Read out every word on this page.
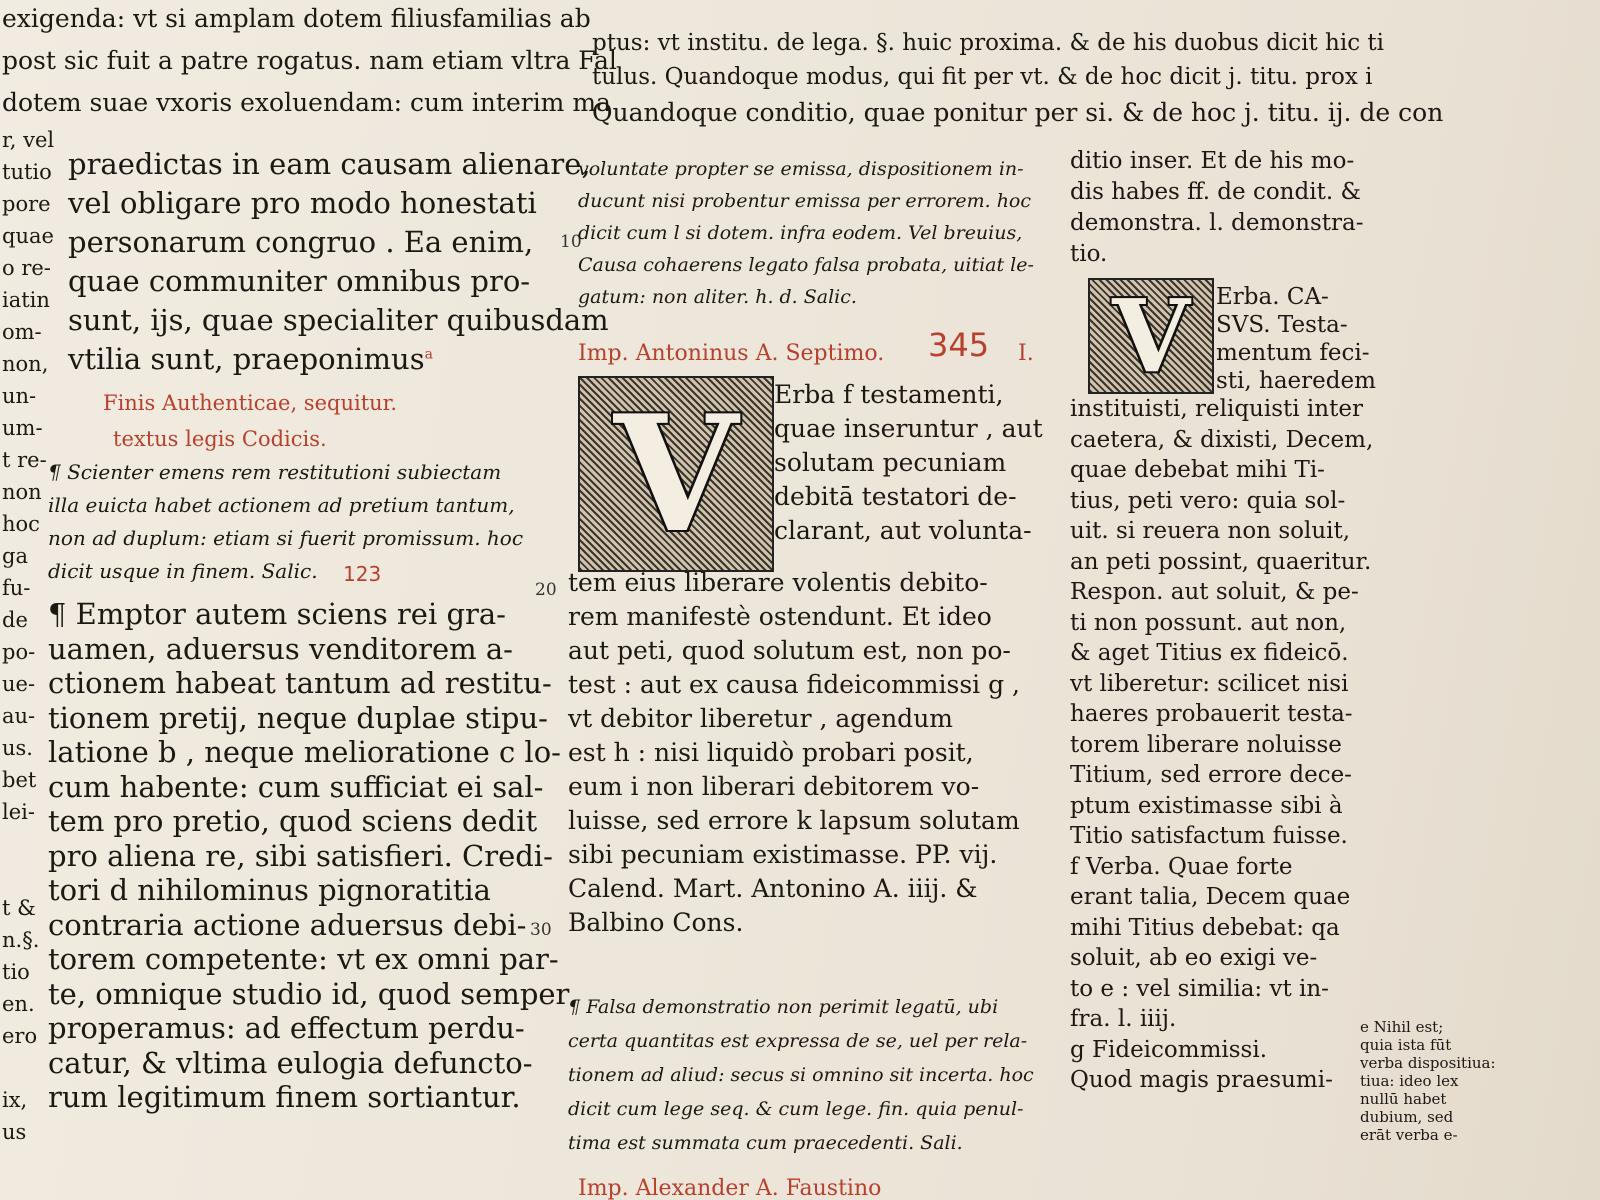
exigenda: vt si amplam dotem filiusfamilias ab
post sic fuit a patre rogatus. nam etiam vltra Fal
dotem suae vxoris exoluendam: cum interim ma
ptus: vt institu. de lega. §. huic proxima. & de his duobus dicit hic ti
tulus. Quandoque modus, qui fit per vt. & de hoc dicit j. titu. prox i
Quandoque conditio, quae ponitur per si. & de hoc j. titu. ij. de con
r, vel
tutio
pore
quae
o re-
iatin
om-
non,
un-
um-
t re-
non
hoc
ga
fu-
de
po-
ue-
au-
us.
bet
lei-
t &
n.§.
tio
en.
ero
ix,
us
praedictas in eam causam alienare,
vel obligare pro modo honestati
personarum congruo . Ea enim,
quae communiter omnibus pro-
sunt, ijs, quae specialiter quibusdam
vtilia sunt, praeponimus$^a$
Finis Authenticae, sequitur.
textus legis Codicis.
¶ Scienter emens rem restitutioni subiectam
illa euicta habet actionem ad pretium tantum,
non ad duplum: etiam si fuerit promissum. hoc
dicit usque in finem. Salic. 123
¶ Emptor autem sciens rei gra-
uamen, aduersus venditorem a-
ctionem habeat tantum ad restitu-
tionem pretij, neque duplae stipu-
latione b , neque melioratione c lo-
cum habente: cum sufficiat ei sal-
tem pro pretio, quod sciens dedit
pro aliena re, sibi satisfieri. Credi-
tori d nihilominus pignoratitia
contraria actione aduersus debi-
torem competente: vt ex omni par-
te, omnique studio id, quod semper
properamus: ad effectum perdu-
catur, & vltima eulogia defuncto-
rum legitimum finem sortiantur.
10
20
30
voluntate propter se emissa, dispositionem in-
ducunt nisi probentur emissa per errorem. hoc
dicit cum l si dotem. infra eodem. Vel breuius,
Causa cohaerens legato falsa probata, uitiat le-
gatum: non aliter. h. d. Salic.
Imp. Antoninus A. Septimo. 345 I.
V	Erba f testamenti,
quae inseruntur , aut
solutam pecuniam
debitā testatori de-
clarant, aut volunta-
tem eius liberare volentis debito-
rem manifestè ostendunt. Et ideo
aut peti, quod solutum est, non po-
test : aut ex causa fideicommissi g ,
vt debitor liberetur , agendum
est h : nisi liquidò probari posit,
eum i non liberari debitorem vo-
luisse, sed errore k lapsum solutam
sibi pecuniam existimasse. PP. vij.
Calend. Mart. Antonino A. iiij. &
Balbino Cons.
¶ Falsa demonstratio non perimit legatū, ubi
certa quantitas est expressa de se, uel per rela-
tionem ad aliud: secus si omnino sit incerta. hoc
dicit cum lege seq. & cum lege. fin. quia penul-
tima est summata cum praecedenti. Sali.
Imp. Alexander A. Faustino
ditio inser. Et de his mo-
dis habes ff. de condit. &
demonstra. l. demonstra-
tio.
V	Erba. CA-
SVS. Testa-
mentum feci-
sti, haeredem
instituisti, reliquisti inter
caetera, & dixisti, Decem,
quae debebat mihi Ti-
tius, peti vero: quia sol-
uit. si reuera non soluit,
an peti possint, quaeritur.
Respon. aut soluit, & pe-
ti non possunt. aut non,
& aget Titius ex fideicō.
vt liberetur: scilicet nisi
haeres probauerit testa-
torem liberare noluisse
Titium, sed errore dece-
ptum existimasse sibi à
Titio satisfactum fuisse.
f Verba. Quae forte
erant talia, Decem quae
mihi Titius debebat: qa
soluit, ab eo exigi ve-
to e : vel similia: vt in-
fra. l. iiij.
g Fideicommissi.
Quod magis praesumi-
e Nihil est;
quia ista fūt
verba dispositiua:
tiua: ideo lex
nullū habet
dubium, sed
erāt verba e-
